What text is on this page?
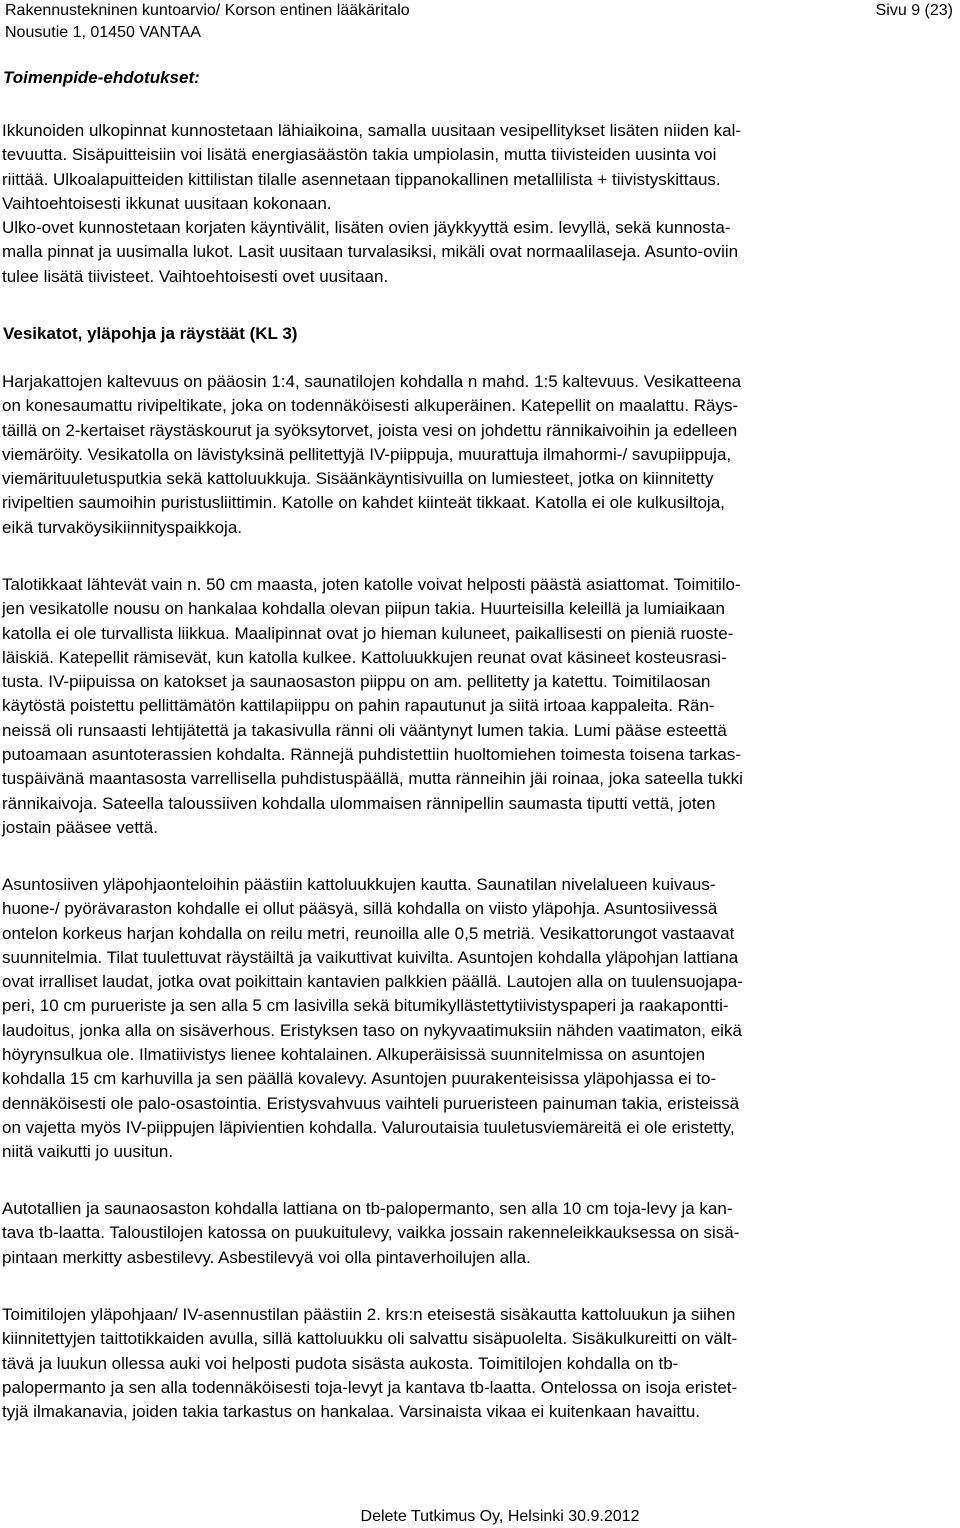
Rakennustekninen kuntoarvio/ Korson entinen lääkäritalo
Nousutie 1, 01450 VANTAA
Sivu 9 (23)
Toimenpide-ehdotukset:
Ikkunoiden ulkopinnat kunnostetaan lähiaikoina, samalla uusitaan vesipellitykset lisäten niiden kal-
tevuutta. Sisäpuitteisiin voi lisätä energiasäästön takia umpiolasin, mutta tiivisteiden uusinta voi
riittää. Ulkoalapuitteiden kittilistan tilalle asennetaan tippanokallinen metallilista + tiivistyskittaus.
Vaihtoehtoisesti ikkunat uusitaan kokonaan.
Ulko-ovet kunnostetaan korjaten käyntivälit, lisäten ovien jäykkyyttä esim. levyllä, sekä kunnosta-
malla pinnat ja uusimalla lukot. Lasit uusitaan turvalasiksi, mikäli ovat normaalilaseja. Asunto-oviin
tulee lisätä tiivisteet. Vaihtoehtoisesti ovet uusitaan.
Vesikatot, yläpohja ja räystäät (KL 3)
Harjakattojen kaltevuus on pääosin 1:4, saunatilojen kohdalla n mahd. 1:5 kaltevuus. Vesikatteena
on konesaumattu rivipeltikate, joka on todennäköisesti alkuperäinen. Katepellit on maalattu. Räys-
täillä on 2-kertaiset räystäskourut ja syöksytorvet, joista vesi on johdettu rännikaivoihin ja edelleen
viemäröity. Vesikatolla on lävistyksinä pellitettyjä IV-piippuja, muurattuja ilmahormi-/ savupiippuja,
viemärituuletusputkia sekä kattoluukkuja. Sisäänkäyntisivuilla on lumiesteet, jotka on kiinnitetty
rivipeltien saumoihin puristusliittimin. Katolle on kahdet kiinteät tikkaat. Katolla ei ole kulkusiltoja,
eikä turvaköysikiinnityspaikkoja.
Talotikkaat lähtevät vain n. 50 cm maasta, joten katolle voivat helposti päästä asiattomat. Toimitilo-
jen vesikatolle nousu on hankalaa kohdalla olevan piipun takia. Huurteisilla keleillä ja lumiaikaan
katolla ei ole turvallista liikkua. Maalipinnat ovat jo hieman kuluneet, paikallisesti on pieniä ruoste-
läiskiä. Katepellit rämisevät, kun katolla kulkee. Kattoluukkujen reunat ovat käsineet kosteusrasi-
tusta. IV-piipuissa on katokset ja saunaosaston piippu on am. pellitetty ja katettu. Toimitilaosan
käytöstä poistettu pellittämätön kattilapiippu on pahin rapautunut ja siitä irtoaa kappaleita. Rän-
neissä oli runsaasti lehtijätettä ja takasivulla ränni oli vääntynyt lumen takia. Lumi pääse esteettä
putoamaan asuntoterassien kohdalta. Rännejä puhdistettiin huoltomiehen toimesta toisena tarkas-
tuspäivänä maantasosta varrellisella puhdistuspäällä, mutta ränneihin jäi roinaa, joka sateella tukki
rännikaivoja. Sateella taloussiiven kohdalla ulommaisen rännipellin saumasta tiputti vettä, joten
jostain pääsee vettä.
Asuntosiiven yläpohjaonteloihin päästiin kattoluukkujen kautta. Saunatilan nivelalueen kuivaus-
huone-/ pyörävaraston kohdalle ei ollut pääsyä, sillä kohdalla on viisto yläpohja. Asuntosiivessä
ontelon korkeus harjan kohdalla on reilu metri, reunoilla alle 0,5 metriä. Vesikattorungot vastaavat
suunnitelmia. Tilat tuulettuvat räystäiltä ja vaikuttivat kuivilta. Asuntojen kohdalla yläpohjan lattiana
ovat irralliset laudat, jotka ovat poikittain kantavien palkkien päällä. Lautojen alla on tuulensuojapa-
peri, 10 cm purueriste ja sen alla 5 cm lasivilla sekä bitumikyllästettytiivistyspaperi ja raakapontti-
laudoitus, jonka alla on sisäverhous. Eristyksen taso on nykyvaatimuksiin nähden vaatimaton, eikä
höyrynsulkua ole. Ilmatiivistys lienee kohtalainen. Alkuperäisissä suunnitelmissa on asuntojen
kohdalla 15 cm karhuvilla ja sen päällä kovalevy. Asuntojen puurakenteisissa yläpohjassa ei to-
dennäköisesti ole palo-osastointia. Eristysvahvuus vaihteli purueristeen painuman takia, eristeissä
on vajetta myös IV-piippujen läpivientien kohdalla. Valuroutaisia tuuletusviemäreitä ei ole eristetty,
niitä vaikutti jo uusitun.
Autotallien ja saunaosaston kohdalla lattiana on tb-palopermanto, sen alla 10 cm toja-levy ja kan-
tava tb-laatta. Taloustilojen katossa on puukuitulevy, vaikka jossain rakenneleikkauksessa on sisä-
pintaan merkitty asbestilevy. Asbestilevyä voi olla pintaverhoilujen alla.
Toimitilojen yläpohjaan/ IV-asennustilan päästiin 2. krs:n eteisestä sisäkautta kattoluukun ja siihen
kiinnitettyjen taittotikkaiden avulla, sillä kattoluukku oli salvattu sisäpuolelta. Sisäkulkureitti on vält-
tävä ja luukun ollessa auki voi helposti pudota sisästa aukosta. Toimitilojen kohdalla on tb-
palopermanto ja sen alla todennäköisesti toja-levyt ja kantava tb-laatta. Ontelossa on isoja eristet-
tyjä ilmakanavia, joiden takia tarkastus on hankalaa. Varsinaista vikaa ei kuitenkaan havaittu.
Delete Tutkimus Oy, Helsinki 30.9.2012
